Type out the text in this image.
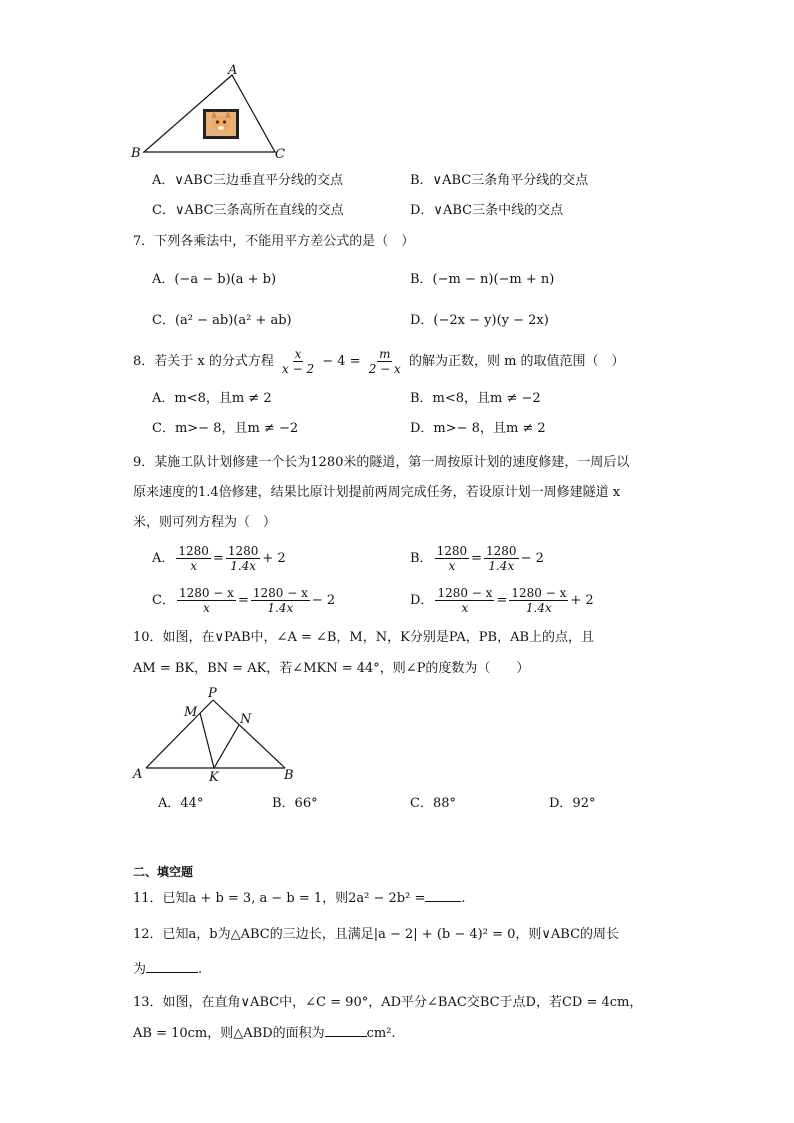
A
B	C
A．∨ABC三边垂直平分线的交点	B．∨ABC三条角平分线的交点
C．∨ABC三条高所在直线的交点	D．∨ABC三条中线的交点
7．下列各乘法中，不能用平方差公式的是（　）
A．(−a − b)(a + b)	B．(−m − n)(−m + n)
C．(a² − ab)(a² + ab)	D．(−2x − y)(y − 2x)
8．若关于 x 的分式方程 $\frac{x}{x - 2} - 4 = \frac{m}{2 - x}$ 的解为正数，则 m 的取值范围（　）
A．m<8，且m ≠ 2	B．m<8，且m ≠ −2
C．m>− 8，且m ≠ −2	D．m>− 8，且m ≠ 2
9．某施工队计划修建一个长为1280米的隧道，第一周按原计划的速度修建，一周后以
原来速度的1.4倍修建，结果比原计划提前两周完成任务，若设原计划一周修建隧道 x
米，则可列方程为（　）
A． $\frac{1280}{x} = \frac{1280}{1.4x} + 2$	B． $\frac{1280}{x} = \frac{1280}{1.4x} - 2$
C． $\frac{1280 - x}{x} = \frac{1280 - x}{1.4x} - 2$	D． $\frac{1280 - x}{x} = \frac{1280 - x}{1.4x} + 2$
10．如图，在∨PAB中，∠A = ∠B，M，N，K分别是PA，PB，AB上的点，且
AM = BK，BN = AK，若∠MKN = 44°，则∠P的度数为（　　）
P
M	N
A	K	B
A．44°	B．66°	C．88°	D．92°
二、填空题
11．已知a + b = 3, a − b = 1，则2a² − 2b² =	.
12．已知a，b为△ABC的三边长，且满足|a − 2| + (b − 4)² = 0，则∨ABC的周长
为	.
13．如图，在直角∨ABC中，∠C = 90°，AD平分∠BAC交BC于点D，若CD = 4cm，
AB = 10cm，则△ABD的面积为	cm².
